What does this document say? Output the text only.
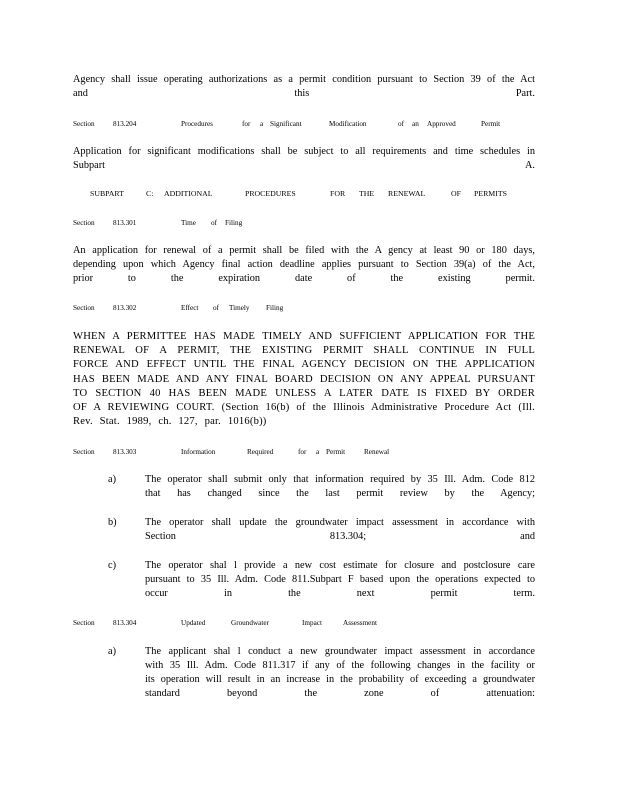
Agency shall issue operating authorizations as a permit condition pursuant to Section 39 of the Act and this Part.

Section	813.204	Procedures	for a Significant	Modification	of an Approved	Permit

Application for significant modifications shall be subject to all requirements and time schedules in Subpart A.

SUBPART	C: ADDITIONAL	PROCEDURES	FOR THE RENEWAL	OF PERMITS
Section	813.301	Time of Filing

An application for renewal of a permit shall be filed with the A gency at least 90 or 180 days, depending upon which Agency final action deadline applies pursuant to Section 39(a) of the Act, prior to the expiration date of the existing permit.

Section	813.302	Effect of Timely Filing

WHEN A PERMITTEE HAS MADE TIMELY AND SUFFICIENT APPLICATION FOR THE RENEWAL OF A PERMIT, THE EXISTING PERMIT SHALL CONTINUE IN FULL FORCE AND EFFECT UNTIL THE FINAL AGENCY DECISION ON THE APPLICATION HAS BEEN MADE AND ANY FINAL BOARD DECISION ON ANY APPEAL PURSUANT TO SECTION 40 HAS BEEN MADE UNLESS A LATER DATE IS FIXED BY ORDER OF A REVIEWING COURT. (Section 16(b) of the Illinois Administrative Procedure Act (Ill. Rev. Stat. 1989, ch. 127, par. 1016(b))

Section	813.303	Information	Required	for a Permit	Renewal
a)	The operator shall submit only that information required by 35 Ill. Adm. Code 812 that has changed since the last permit review by the Agency;

b)	The operator shall update the groundwater impact assessment in accordance with Section 813.304; and

c)	The operator shal l provide a new cost estimate for closure and postclosure care pursuant to 35 Ill. Adm. Code 811.Subpart F based upon the operations expected to occur in the next permit term.

Section	813.304	Updated	Groundwater	Impact	Assessment
a)	The applicant shal l conduct a new groundwater impact assessment in accordance with 35 Ill. Adm. Code 811.317 if any of the following changes in the facility or its operation will result in an increase in the probability of exceeding a groundwater standard beyond the zone of attenuation:
